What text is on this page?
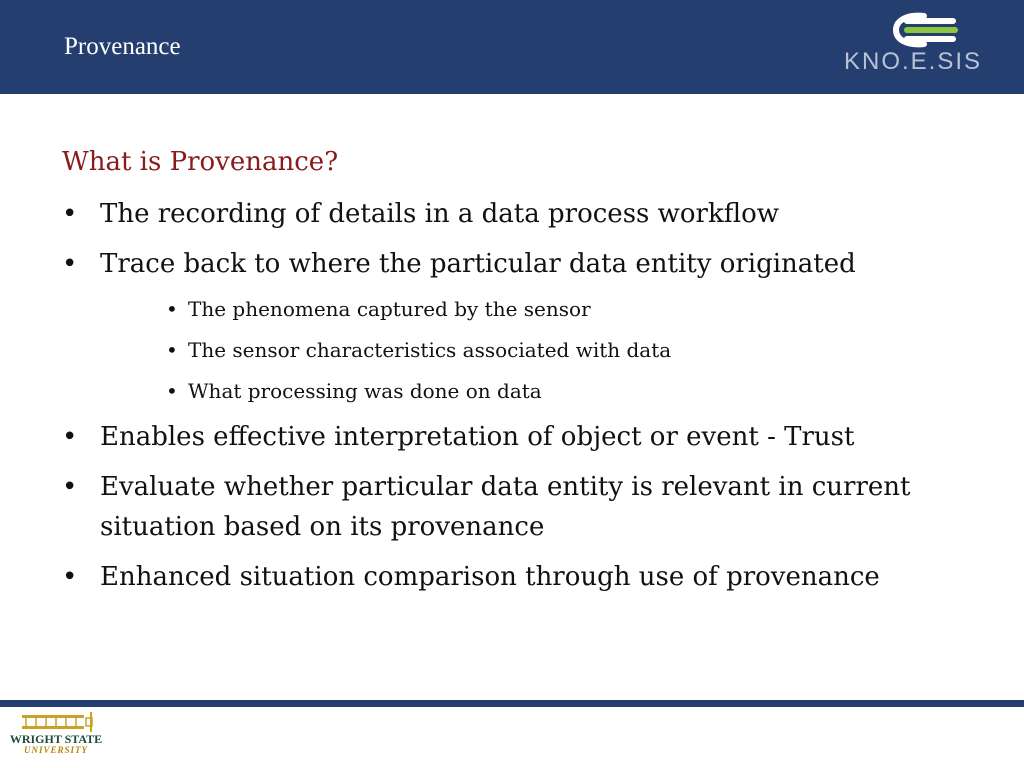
Provenance
KNO.E.SIS
What is Provenance?
• The recording of details in a data process workflow
• Trace back to where the particular data entity originated
• The phenomena captured by the sensor
• The sensor characteristics associated with data
• What processing was done on data
• Enables effective interpretation of object or event - Trust
• Evaluate whether particular data entity is relevant in current situation based on its provenance
• Enhanced situation comparison through use of provenance
WRIGHT STATE
UNIVERSITY
